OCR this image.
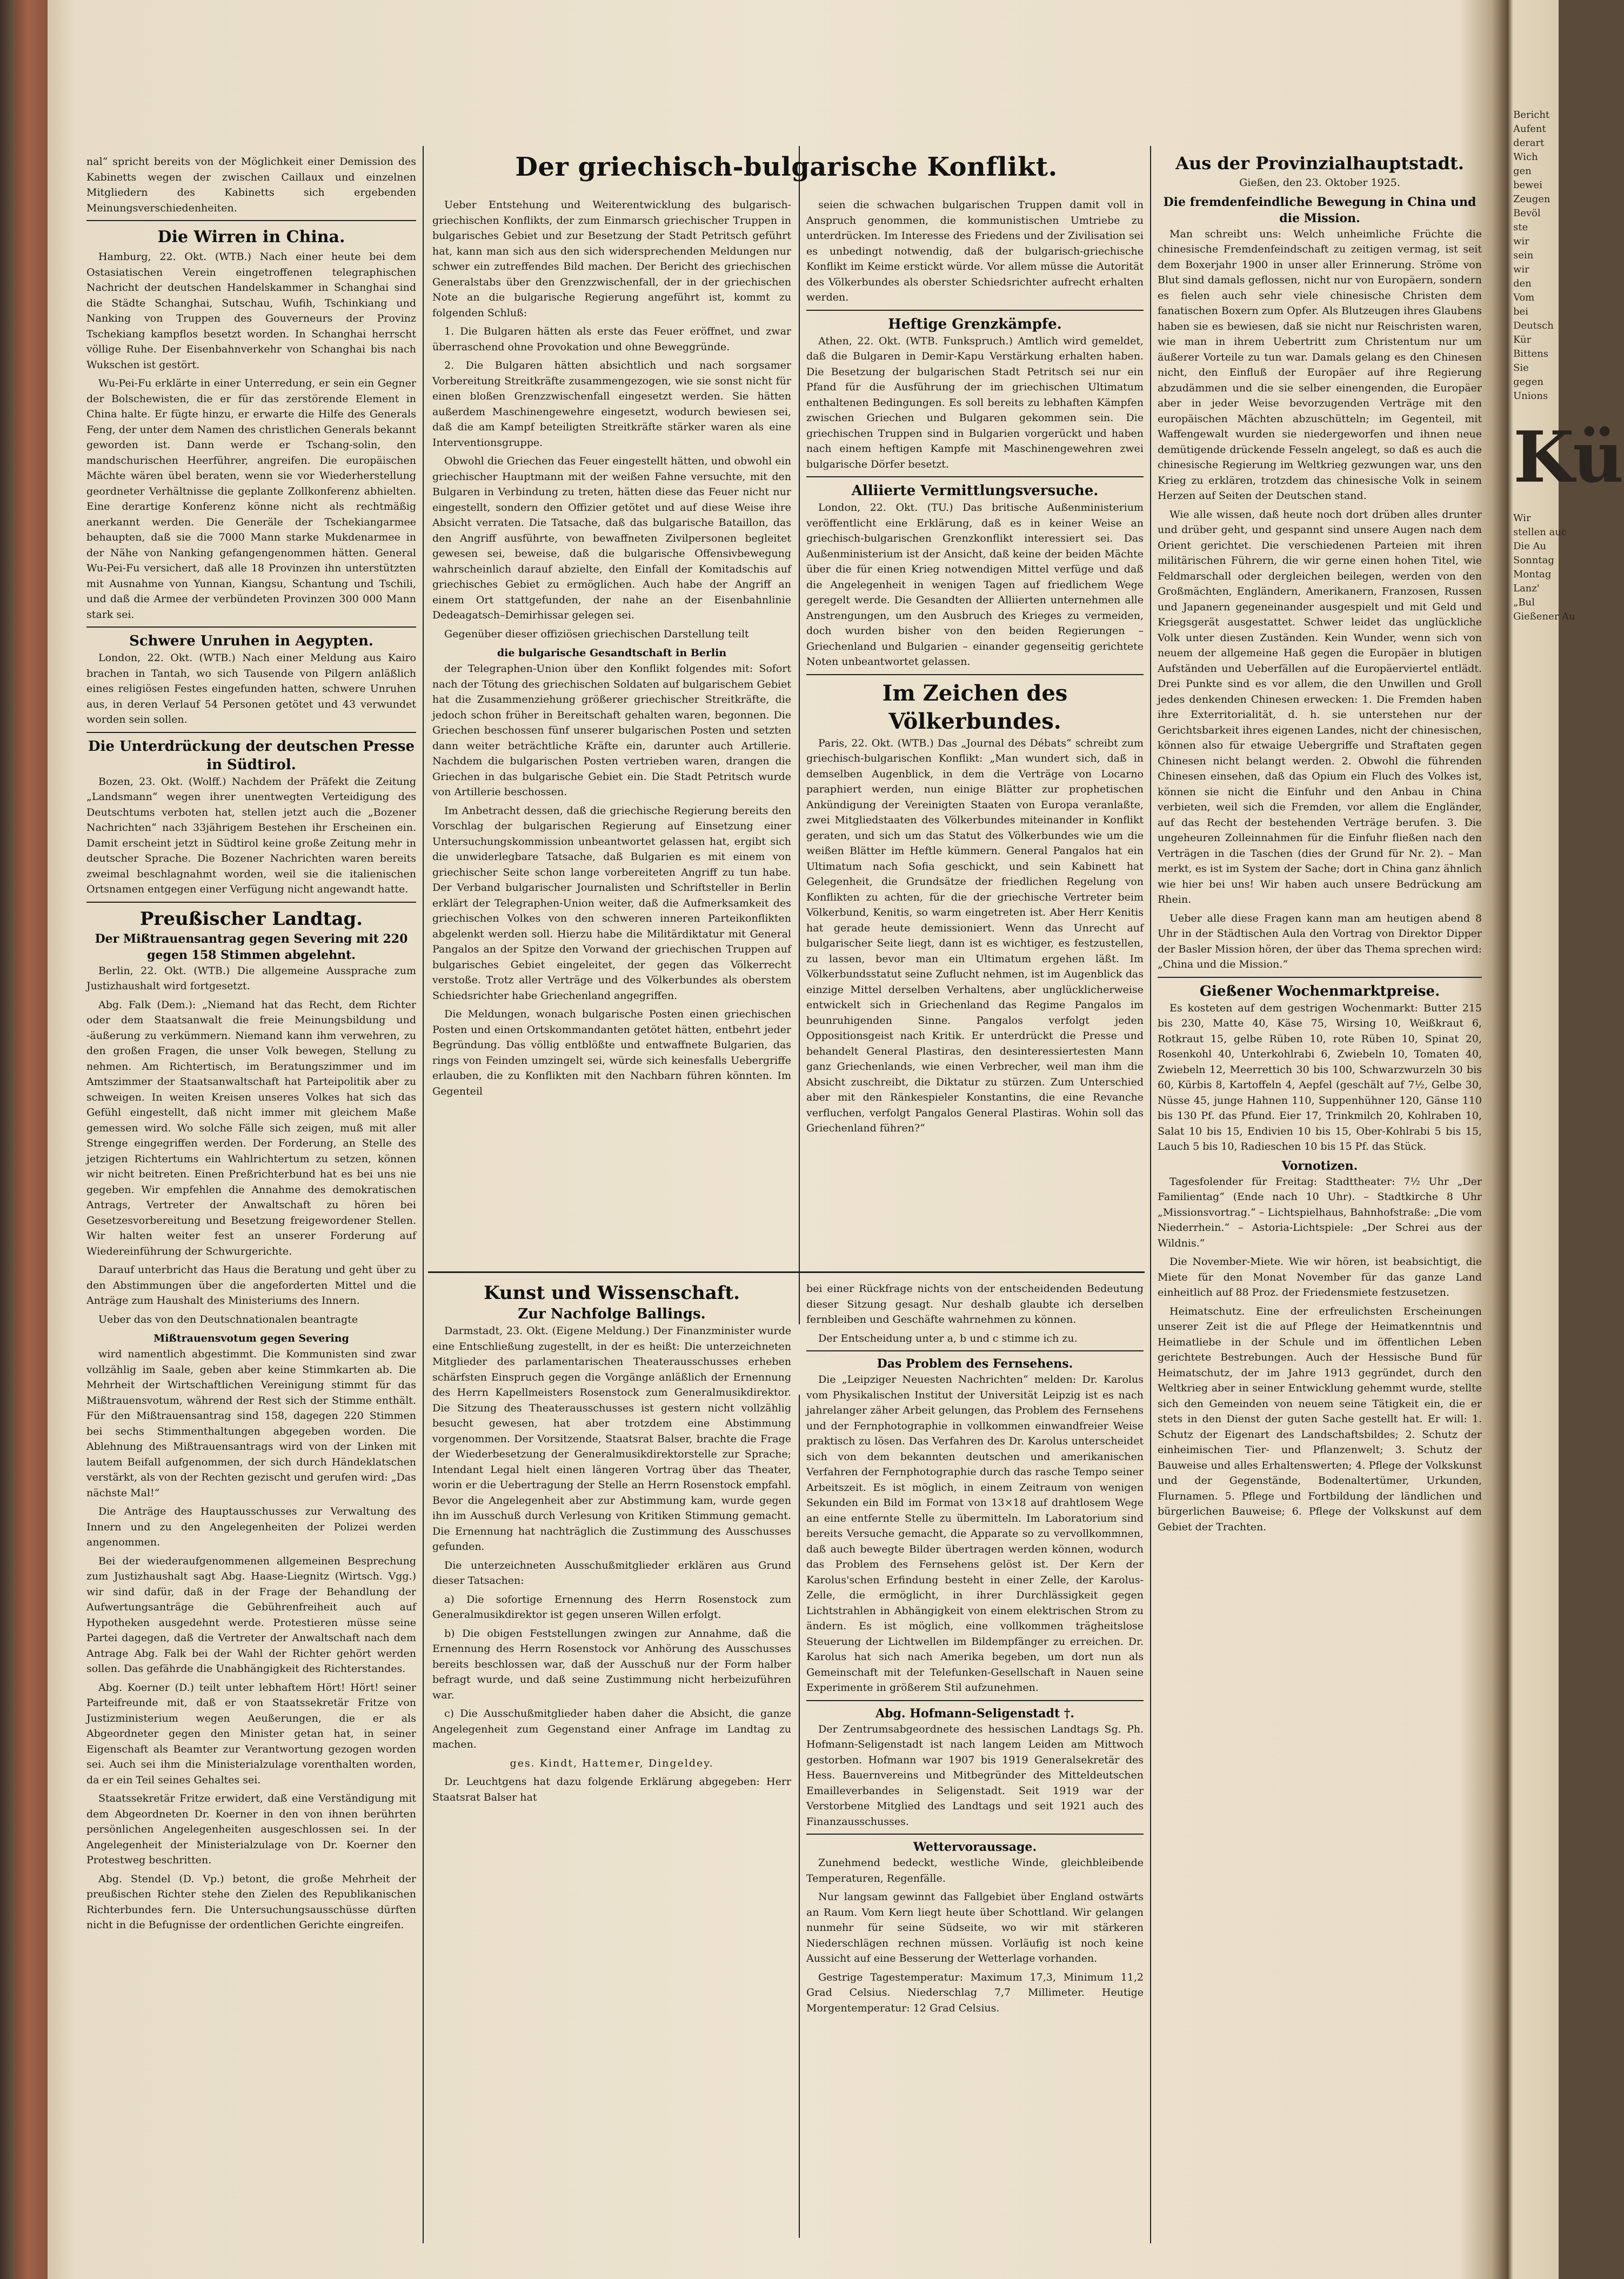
nal“ spricht bereits von der Möglichkeit einer Demission des Kabinetts wegen der zwischen Caillaux und einzelnen Mitgliedern des Kabinetts sich ergebenden Meinungsverschiedenheiten.

Die Wirren in China.

Hamburg, 22. Okt. (WTB.) Nach einer heute bei dem Ostasiatischen Verein eingetroffenen telegraphischen Nachricht der deutschen Handelskammer in Schanghai sind die Städte Schanghai, Sutschau, Wufih, Tschinkiang und Nanking von Truppen des Gouverneurs der Provinz Tschekiang kampflos besetzt worden. In Schanghai herrscht völlige Ruhe. Der Eisenbahnverkehr von Schanghai bis nach Wukschen ist gestört.

Wu-Pei-Fu erklärte in einer Unterredung, er sein ein Gegner der Bolschewisten, die er für das zerstörende Element in China halte. Er fügte hinzu, er erwarte die Hilfe des Generals Feng, der unter dem Namen des christlichen Generals bekannt geworden ist. Dann werde er Tschang-solin, den mandschurischen Heerführer, angreifen. Die europäischen Mächte wären übel beraten, wenn sie vor Wiederherstellung geordneter Verhältnisse die geplante Zollkonferenz abhielten. Eine derartige Konferenz könne nicht als rechtmäßig anerkannt werden. Die Generäle der Tschekiangarmee behaupten, daß sie die 7000 Mann starke Mukdenarmee in der Nähe von Nanking gefangengenommen hätten. General Wu-Pei-Fu versichert, daß alle 18 Provinzen ihn unterstützten mit Ausnahme von Yunnan, Kiangsu, Schantung und Tschili, und daß die Armee der verbündeten Provinzen 300 000 Mann stark sei.

Schwere Unruhen in Aegypten.

London, 22. Okt. (WTB.) Nach einer Meldung aus Kairo brachen in Tantah, wo sich Tausende von Pilgern anläßlich eines religiösen Festes eingefunden hatten, schwere Unruhen aus, in deren Verlauf 54 Personen getötet und 43 verwundet worden sein sollen.

Die Unterdrückung der deutschen Presse in Südtirol.

Bozen, 23. Okt. (Wolff.) Nachdem der Präfekt die Zeitung „Landsmann“ wegen ihrer unentwegten Verteidigung des Deutschtums verboten hat, stellen jetzt auch die „Bozener Nachrichten“ nach 33jährigem Bestehen ihr Erscheinen ein. Damit erscheint jetzt in Südtirol keine große Zeitung mehr in deutscher Sprache. Die Bozener Nachrichten waren bereits zweimal beschlagnahmt worden, weil sie die italienischen Ortsnamen entgegen einer Verfügung nicht angewandt hatte.

Preußischer Landtag.
Der Mißtrauensantrag gegen Severing mit 220 gegen 158 Stimmen abgelehnt.

Berlin, 22. Okt. (WTB.) Die allgemeine Aussprache zum Justizhaushalt wird fortgesetzt.

Abg. Falk (Dem.): „Niemand hat das Recht, dem Richter oder dem Staatsanwalt die freie Meinungsbildung und -äußerung zu verkümmern. Niemand kann ihm verwehren, zu den großen Fragen, die unser Volk bewegen, Stellung zu nehmen. Am Richtertisch, im Beratungszimmer und im Amtszimmer der Staatsanwaltschaft hat Parteipolitik aber zu schweigen. In weiten Kreisen unseres Volkes hat sich das Gefühl eingestellt, daß nicht immer mit gleichem Maße gemessen wird. Wo solche Fälle sich zeigen, muß mit aller Strenge eingegriffen werden. Der Forderung, an Stelle des jetzigen Richtertums ein Wahlrichtertum zu setzen, können wir nicht beitreten. Einen Preßrichterbund hat es bei uns nie gegeben. Wir empfehlen die Annahme des demokratischen Antrags, Vertreter der Anwaltschaft zu hören bei Gesetzesvorbereitung und Besetzung freigewordener Stellen. Wir halten weiter fest an unserer Forderung auf Wiedereinführung der Schwurgerichte.

Darauf unterbricht das Haus die Beratung und geht über zu den Abstimmungen über die angeforderten Mittel und die Anträge zum Haushalt des Ministeriums des Innern.

Ueber das von den Deutschnationalen beantragte

Mißtrauensvotum gegen Severing

wird namentlich abgestimmt. Die Kommunisten sind zwar vollzählig im Saale, geben aber keine Stimmkarten ab. Die Mehrheit der Wirtschaftlichen Vereinigung stimmt für das Mißtrauensvotum, während der Rest sich der Stimme enthält. Für den Mißtrauensantrag sind 158, dagegen 220 Stimmen bei sechs Stimmenthaltungen abgegeben worden. Die Ablehnung des Mißtrauensantrags wird von der Linken mit lautem Beifall aufgenommen, der sich durch Händeklatschen verstärkt, als von der Rechten gezischt und gerufen wird: „Das nächste Mal!“

Die Anträge des Hauptausschusses zur Verwaltung des Innern und zu den Angelegenheiten der Polizei werden angenommen.

Bei der wiederaufgenommenen allgemeinen Besprechung zum Justizhaushalt sagt Abg. Haase-Liegnitz (Wirtsch. Vgg.) wir sind dafür, daß in der Frage der Behandlung der Aufwertungsanträge die Gebührenfreiheit auch auf Hypotheken ausgedehnt werde. Protestieren müsse seine Partei dagegen, daß die Vertreter der Anwaltschaft nach dem Antrage Abg. Falk bei der Wahl der Richter gehört werden sollen. Das gefährde die Unabhängigkeit des Richterstandes.

Abg. Koerner (D.) teilt unter lebhaftem Hört! Hört! seiner Parteifreunde mit, daß er von Staatssekretär Fritze von Justizministerium wegen Aeußerungen, die er als Abgeordneter gegen den Minister getan hat, in seiner Eigenschaft als Beamter zur Verantwortung gezogen worden sei. Auch sei ihm die Ministerialzulage vorenthalten worden, da er ein Teil seines Gehaltes sei.

Staatssekretär Fritze erwidert, daß eine Verständigung mit dem Abgeordneten Dr. Koerner in den von ihnen berührten persönlichen Angelegenheiten ausgeschlossen sei. In der Angelegenheit der Ministerialzulage von Dr. Koerner den Protestweg beschritten.

Abg. Stendel (D. Vp.) betont, die große Mehrheit der preußischen Richter stehe den Zielen des Republikanischen Richterbundes fern. Die Untersuchungsausschüsse dürften nicht in die Befugnisse der ordentlichen Gerichte eingreifen.

Der griechisch-bulgarische Konflikt.

Ueber Entstehung und Weiterentwicklung des bulgarisch-griechischen Konflikts, der zum Einmarsch griechischer Truppen in bulgarisches Gebiet und zur Besetzung der Stadt Petritsch geführt hat, kann man sich aus den sich widersprechenden Meldungen nur schwer ein zutreffendes Bild machen. Der Bericht des griechischen Generalstabs über den Grenzzwischenfall, der in der griechischen Note an die bulgarische Regierung angeführt ist, kommt zu folgenden Schluß:

1. Die Bulgaren hätten als erste das Feuer eröffnet, und zwar überraschend ohne Provokation und ohne Beweggründe.

2. Die Bulgaren hätten absichtlich und nach sorgsamer Vorbereitung Streitkräfte zusammengezogen, wie sie sonst nicht für einen bloßen Grenzzwischenfall eingesetzt werden. Sie hätten außerdem Maschinengewehre eingesetzt, wodurch bewiesen sei, daß die am Kampf beteiligten Streitkräfte stärker waren als eine Interventionsgruppe.

Obwohl die Griechen das Feuer eingestellt hätten, und obwohl ein griechischer Hauptmann mit der weißen Fahne versuchte, mit den Bulgaren in Verbindung zu treten, hätten diese das Feuer nicht nur eingestellt, sondern den Offizier getötet und auf diese Weise ihre Absicht verraten. Die Tatsache, daß das bulgarische Bataillon, das den Angriff ausführte, von bewaffneten Zivilpersonen begleitet gewesen sei, beweise, daß die bulgarische Offensivbewegung wahrscheinlich darauf abzielte, den Einfall der Komitadschis auf griechisches Gebiet zu ermöglichen. Auch habe der Angriff an einem Ort stattgefunden, der nahe an der Eisenbahnlinie Dedeagatsch–Demirhissar gelegen sei.

Gegenüber dieser offiziösen griechischen Darstellung teilt

die bulgarische Gesandtschaft in Berlin

der Telegraphen-Union über den Konflikt folgendes mit: Sofort nach der Tötung des griechischen Soldaten auf bulgarischem Gebiet hat die Zusammenziehung größerer griechischer Streitkräfte, die jedoch schon früher in Bereitschaft gehalten waren, begonnen. Die Griechen beschossen fünf unserer bulgarischen Posten und setzten dann weiter beträchtliche Kräfte ein, darunter auch Artillerie. Nachdem die bulgarischen Posten vertrieben waren, drangen die Griechen in das bulgarische Gebiet ein. Die Stadt Petritsch wurde von Artillerie beschossen.

Im Anbetracht dessen, daß die griechische Regierung bereits den Vorschlag der bulgarischen Regierung auf Einsetzung einer Untersuchungskommission unbeantwortet gelassen hat, ergibt sich die unwiderlegbare Tatsache, daß Bulgarien es mit einem von griechischer Seite schon lange vorbereiteten Angriff zu tun habe. Der Verband bulgarischer Journalisten und Schriftsteller in Berlin erklärt der Telegraphen-Union weiter, daß die Aufmerksamkeit des griechischen Volkes von den schweren inneren Parteikonflikten abgelenkt werden soll. Hierzu habe die Militärdiktatur mit General Pangalos an der Spitze den Vorwand der griechischen Truppen auf bulgarisches Gebiet eingeleitet, der gegen das Völkerrecht verstoße. Trotz aller Verträge und des Völkerbundes als oberstem Schiedsrichter habe Griechenland angegriffen.

Die Meldungen, wonach bulgarische Posten einen griechischen Posten und einen Ortskommandanten getötet hätten, entbehrt jeder Begründung. Das völlig entblößte und entwaffnete Bulgarien, das rings von Feinden umzingelt sei, würde sich keinesfalls Uebergriffe erlauben, die zu Konflikten mit den Nachbarn führen könnten. Im Gegenteil

seien die schwachen bulgarischen Truppen damit voll in Anspruch genommen, die kommunistischen Umtriebe zu unterdrücken. Im Interesse des Friedens und der Zivilisation sei es unbedingt notwendig, daß der bulgarisch-griechische Konflikt im Keime erstickt würde. Vor allem müsse die Autorität des Völkerbundes als oberster Schiedsrichter aufrecht erhalten werden.

Heftige Grenzkämpfe.

Athen, 22. Okt. (WTB. Funkspruch.) Amtlich wird gemeldet, daß die Bulgaren in Demir-Kapu Verstärkung erhalten haben. Die Besetzung der bulgarischen Stadt Petritsch sei nur ein Pfand für die Ausführung der im griechischen Ultimatum enthaltenen Bedingungen. Es soll bereits zu lebhaften Kämpfen zwischen Griechen und Bulgaren gekommen sein. Die griechischen Truppen sind in Bulgarien vorgerückt und haben nach einem heftigen Kampfe mit Maschinengewehren zwei bulgarische Dörfer besetzt.

Alliierte Vermittlungsversuche.

London, 22. Okt. (TU.) Das britische Außenministerium veröffentlicht eine Erklärung, daß es in keiner Weise an griechisch-bulgarischen Grenzkonflikt interessiert sei. Das Außenministerium ist der Ansicht, daß keine der beiden Mächte über die für einen Krieg notwendigen Mittel verfüge und daß die Angelegenheit in wenigen Tagen auf friedlichem Wege geregelt werde. Die Gesandten der Alliierten unternehmen alle Anstrengungen, um den Ausbruch des Krieges zu vermeiden, doch wurden bisher von den beiden Regierungen – Griechenland und Bulgarien – einander gegenseitig gerichtete Noten unbeantwortet gelassen.

Im Zeichen des Völkerbundes.

Paris, 22. Okt. (WTB.) Das „Journal des Débats“ schreibt zum griechisch-bulgarischen Konflikt: „Man wundert sich, daß in demselben Augenblick, in dem die Verträge von Locarno paraphiert werden, nun einige Blätter zur prophetischen Ankündigung der Vereinigten Staaten von Europa veranlaßte, zwei Mitgliedstaaten des Völkerbundes miteinander in Konflikt geraten, und sich um das Statut des Völkerbundes wie um die weißen Blätter im Heftle kümmern. General Pangalos hat ein Ultimatum nach Sofia geschickt, und sein Kabinett hat Gelegenheit, die Grundsätze der friedlichen Regelung von Konflikten zu achten, für die der griechische Vertreter beim Völkerbund, Kenitis, so warm eingetreten ist. Aber Herr Kenitis hat gerade heute demissioniert. Wenn das Unrecht auf bulgarischer Seite liegt, dann ist es wichtiger, es festzustellen, zu lassen, bevor man ein Ultimatum ergehen läßt. Im Völkerbundsstatut seine Zuflucht nehmen, ist im Augenblick das einzige Mittel derselben Verhaltens, aber unglücklicherweise entwickelt sich in Griechenland das Regime Pangalos im beunruhigenden Sinne. Pangalos verfolgt jeden Oppositionsgeist nach Kritik. Er unterdrückt die Presse und behandelt General Plastiras, den desinteressiertesten Mann ganz Griechenlands, wie einen Verbrecher, weil man ihm die Absicht zuschreibt, die Diktatur zu stürzen. Zum Unterschied aber mit den Ränkespieler Konstantins, die eine Revanche verfluchen, verfolgt Pangalos General Plastiras. Wohin soll das Griechenland führen?“

Kunst und Wissenschaft.
Zur Nachfolge Ballings.

Darmstadt, 23. Okt. (Eigene Meldung.) Der Finanzminister wurde eine Entschließung zugestellt, in der es heißt: Die unterzeichneten Mitglieder des parlamentarischen Theaterausschusses erheben schärfsten Einspruch gegen die Vorgänge anläßlich der Ernennung des Herrn Kapellmeisters Rosenstock zum Generalmusikdirektor. Die Sitzung des Theaterausschusses ist gestern nicht vollzählig besucht gewesen, hat aber trotzdem eine Abstimmung vorgenommen. Der Vorsitzende, Staatsrat Balser, brachte die Frage der Wiederbesetzung der Generalmusikdirektorstelle zur Sprache; Intendant Legal hielt einen längeren Vortrag über das Theater, worin er die Uebertragung der Stelle an Herrn Rosenstock empfahl. Bevor die Angelegenheit aber zur Abstimmung kam, wurde gegen ihn im Ausschuß durch Verlesung von Kritiken Stimmung gemacht. Die Ernennung hat nachträglich die Zustimmung des Ausschusses gefunden.

Die unterzeichneten Ausschußmitglieder erklären aus Grund dieser Tatsachen:

a) Die sofortige Ernennung des Herrn Rosenstock zum Generalmusikdirektor ist gegen unseren Willen erfolgt.

b) Die obigen Feststellungen zwingen zur Annahme, daß die Ernennung des Herrn Rosenstock vor Anhörung des Ausschusses bereits beschlossen war, daß der Ausschuß nur der Form halber befragt wurde, und daß seine Zustimmung nicht herbeizuführen war.

c) Die Ausschußmitglieder haben daher die Absicht, die ganze Angelegenheit zum Gegenstand einer Anfrage im Landtag zu machen.

ges. Kindt, Hattemer, Dingeldey.

Dr. Leuchtgens hat dazu folgende Erklärung abgegeben: Herr Staatsrat Balser hat

bei einer Rückfrage nichts von der entscheidenden Bedeutung dieser Sitzung gesagt. Nur deshalb glaubte ich derselben fernbleiben und Geschäfte wahrnehmen zu können.

Der Entscheidung unter a, b und c stimme ich zu.

Das Problem des Fernsehens.

Die „Leipziger Neuesten Nachrichten“ melden: Dr. Karolus vom Physikalischen Institut der Universität Leipzig ist es nach jahrelanger zäher Arbeit gelungen, das Problem des Fernsehens und der Fernphotographie in vollkommen einwandfreier Weise praktisch zu lösen. Das Verfahren des Dr. Karolus unterscheidet sich von dem bekannten deutschen und amerikanischen Verfahren der Fernphotographie durch das rasche Tempo seiner Arbeitszeit. Es ist möglich, in einem Zeitraum von wenigen Sekunden ein Bild im Format von 13×18 auf drahtlosem Wege an eine entfernte Stelle zu übermitteln. Im Laboratorium sind bereits Versuche gemacht, die Apparate so zu vervollkommnen, daß auch bewegte Bilder übertragen werden können, wodurch das Problem des Fernsehens gelöst ist. Der Kern der Karolus'schen Erfindung besteht in einer Zelle, der Karolus-Zelle, die ermöglicht, in ihrer Durchlässigkeit gegen Lichtstrahlen in Abhängigkeit von einem elektrischen Strom zu ändern. Es ist möglich, eine vollkommen trägheitslose Steuerung der Lichtwellen im Bildempfänger zu erreichen. Dr. Karolus hat sich nach Amerika begeben, um dort nun als Gemeinschaft mit der Telefunken-Gesellschaft in Nauen seine Experimente in größerem Stil aufzunehmen.

Abg. Hofmann-Seligenstadt †.

Der Zentrumsabgeordnete des hessischen Landtags Sg. Ph. Hofmann-Seligenstadt ist nach langem Leiden am Mittwoch gestorben. Hofmann war 1907 bis 1919 Generalsekretär des Hess. Bauernvereins und Mitbegründer des Mitteldeutschen Emailleverbandes in Seligenstadt. Seit 1919 war der Verstorbene Mitglied des Landtags und seit 1921 auch des Finanzausschusses.

Wettervoraussage.

Zunehmend bedeckt, westliche Winde, gleichbleibende Temperaturen, Regenfälle.

Nur langsam gewinnt das Fallgebiet über England ostwärts an Raum. Vom Kern liegt heute über Schottland. Wir gelangen nunmehr für seine Südseite, wo wir mit stärkeren Niederschlägen rechnen müssen. Vorläufig ist noch keine Aussicht auf eine Besserung der Wetterlage vorhanden.

Gestrige Tagestemperatur: Maximum 17,3, Minimum 11,2 Grad Celsius. Niederschlag 7,7 Millimeter. Heutige Morgentemperatur: 12 Grad Celsius.

Aus der Provinzialhauptstadt.

Gießen, den 23. Oktober 1925.

Die fremdenfeindliche Bewegung in China und die Mission.

Man schreibt uns: Welch unheimliche Früchte die chinesische Fremdenfeindschaft zu zeitigen vermag, ist seit dem Boxerjahr 1900 in unser aller Erinnerung. Ströme von Blut sind damals geflossen, nicht nur von Europäern, sondern es fielen auch sehr viele chinesische Christen dem fanatischen Boxern zum Opfer. Als Blutzeugen ihres Glaubens haben sie es bewiesen, daß sie nicht nur Reischristen waren, wie man in ihrem Uebertritt zum Christentum nur um äußerer Vorteile zu tun war. Damals gelang es den Chinesen nicht, den Einfluß der Europäer auf ihre Regierung abzudämmen und die sie selber einengenden, die Europäer aber in jeder Weise bevorzugenden Verträge mit den europäischen Mächten abzuschütteln; im Gegenteil, mit Waffengewalt wurden sie niedergeworfen und ihnen neue demütigende drückende Fesseln angelegt, so daß es auch die chinesische Regierung im Weltkrieg gezwungen war, uns den Krieg zu erklären, trotzdem das chinesische Volk in seinem Herzen auf Seiten der Deutschen stand.

Wie alle wissen, daß heute noch dort drüben alles drunter und drüber geht, und gespannt sind unsere Augen nach dem Orient gerichtet. Die verschiedenen Parteien mit ihren militärischen Führern, die wir gerne einen hohen Titel, wie Feldmarschall oder dergleichen beilegen, werden von den Großmächten, Engländern, Amerikanern, Franzosen, Russen und Japanern gegeneinander ausgespielt und mit Geld und Kriegsgerät ausgestattet. Schwer leidet das unglückliche Volk unter diesen Zuständen. Kein Wunder, wenn sich von neuem der allgemeine Haß gegen die Europäer in blutigen Aufständen und Ueberfällen auf die Europäerviertel entlädt. Drei Punkte sind es vor allem, die den Unwillen und Groll jedes denkenden Chinesen erwecken: 1. Die Fremden haben ihre Exterritorialität, d. h. sie unterstehen nur der Gerichtsbarkeit ihres eigenen Landes, nicht der chinesischen, können also für etwaige Uebergriffe und Straftaten gegen Chinesen nicht belangt werden. 2. Obwohl die führenden Chinesen einsehen, daß das Opium ein Fluch des Volkes ist, können sie nicht die Einfuhr und den Anbau in China verbieten, weil sich die Fremden, vor allem die Engländer, auf das Recht der bestehenden Verträge berufen. 3. Die ungeheuren Zolleinnahmen für die Einfuhr fließen nach den Verträgen in die Taschen (dies der Grund für Nr. 2). – Man merkt, es ist im System der Sache; dort in China ganz ähnlich wie hier bei uns! Wir haben auch unsere Bedrückung am Rhein.

Ueber alle diese Fragen kann man am heutigen abend 8 Uhr in der Städtischen Aula den Vortrag von Direktor Dipper der Basler Mission hören, der über das Thema sprechen wird: „China und die Mission.“

Gießener Wochenmarktpreise.

Es kosteten auf dem gestrigen Wochenmarkt: Butter 215 bis 230, Matte 40, Käse 75, Wirsing 10, Weißkraut 6, Rotkraut 15, gelbe Rüben 10, rote Rüben 10, Spinat 20, Rosenkohl 40, Unterkohlrabi 6, Zwiebeln 10, Tomaten 40, Zwiebeln 12, Meerrettich 30 bis 100, Schwarzwurzeln 30 bis 60, Kürbis 8, Kartoffeln 4, Aepfel (geschält auf 7½, Gelbe 30, Nüsse 45, junge Hahnen 110, Suppenhühner 120, Gänse 110 bis 130 Pf. das Pfund. Eier 17, Trinkmilch 20, Kohlraben 10, Salat 10 bis 15, Endivien 10 bis 15, Ober-Kohlrabi 5 bis 15, Lauch 5 bis 10, Radieschen 10 bis 15 Pf. das Stück.

Vornotizen.

Tagesfolender für Freitag: Stadttheater: 7½ Uhr „Der Familientag“ (Ende nach 10 Uhr). – Stadtkirche 8 Uhr „Missionsvortrag.“ – Lichtspielhaus, Bahnhofstraße: „Die vom Niederrhein.“ – Astoria-Lichtspiele: „Der Schrei aus der Wildnis.“

Die November-Miete. Wie wir hören, ist beabsichtigt, die Miete für den Monat November für das ganze Land einheitlich auf 88 Proz. der Friedensmiete festzusetzen.

Heimatschutz. Eine der erfreulichsten Erscheinungen unserer Zeit ist die auf Pflege der Heimatkenntnis und Heimatliebe in der Schule und im öffentlichen Leben gerichtete Bestrebungen. Auch der Hessische Bund für Heimatschutz, der im Jahre 1913 gegründet, durch den Weltkrieg aber in seiner Entwicklung gehemmt wurde, stellte sich den Gemeinden von neuem seine Tätigkeit ein, die er stets in den Dienst der guten Sache gestellt hat. Er will: 1. Schutz der Eigenart des Landschaftsbildes; 2. Schutz der einheimischen Tier- und Pflanzenwelt; 3. Schutz der Bauweise und alles Erhaltenswerten; 4. Pflege der Volkskunst und der Gegenstände, Bodenaltertümer, Urkunden, Flurnamen. 5. Pflege und Fortbildung der ländlichen und bürgerlichen Bauweise; 6. Pflege der Volkskunst auf dem Gebiet der Trachten.

Bericht
Aufent
derart
Wich
gen
bewei
Zeugen
Bevöl
ste
wir
sein
wir
den
Vom
bei
Deutsch
Kür
Bittens
Sie
gegen
Unions
Kü
Wir
stellen auc
Die Au
Sonntag
Montag
Lanz'
„Bul
Gießener Au
